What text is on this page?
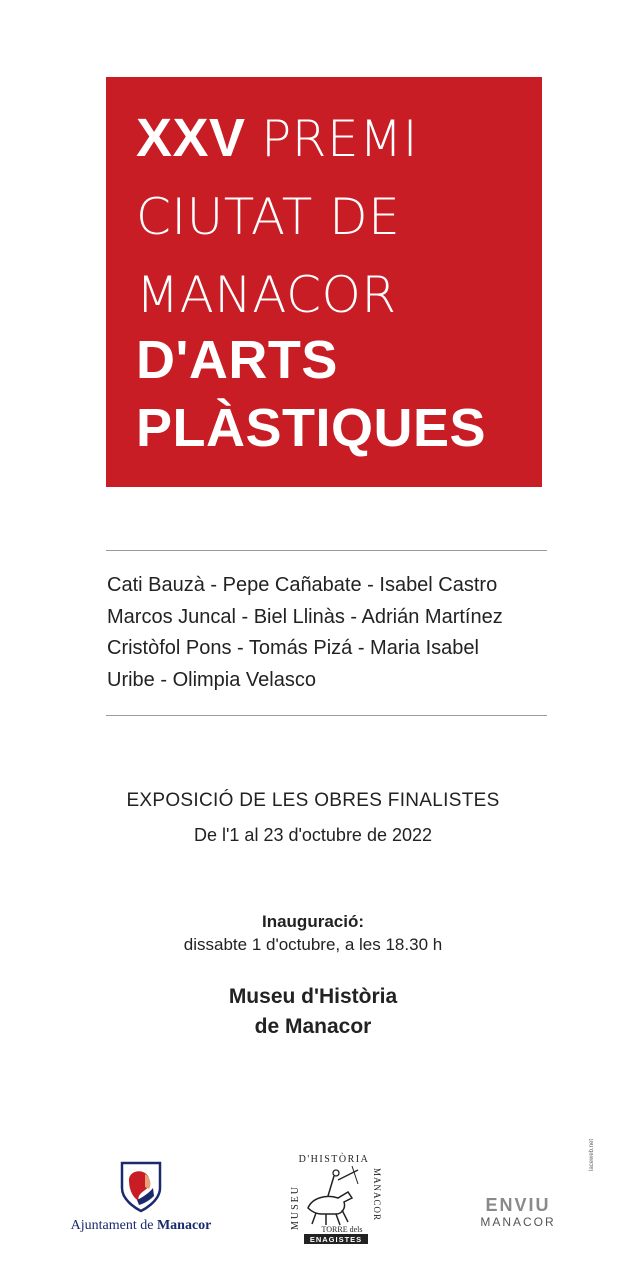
XXV PREMI
CIUTAT DE
MANACOR
D'ARTS
PLÀSTIQUES
Cati Bauzà - Pepe Cañabate - Isabel Castro
Marcos Juncal - Biel Llinàs - Adrián Martínez
Cristòfol Pons - Tomás Pizá - Maria Isabel
Uribe - Olimpia Velasco
EXPOSICIÓ DE LES OBRES FINALISTES
De l'1 al 23 d'octubre de 2022
Inauguració:
dissabte 1 d'octubre, a les 18.30 h
Museu d'Història
de Manacor
laceweb.net
Ajuntament de Manacor
D'HISTÒRIA
MUSEU	MANACOR
TORRE dels
ENAGISTES
ENVIU
MANACOR
